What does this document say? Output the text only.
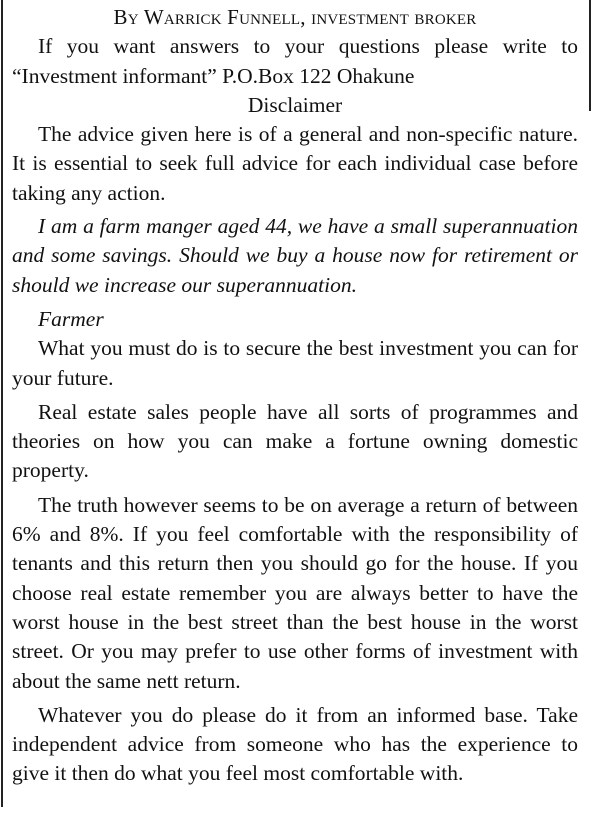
By Warrick Funnell, investment broker

If you want answers to your questions please write to “Investment informant” P.O.Box 122 Ohakune

Disclaimer

The advice given here is of a general and non-specific nature. It is essential to seek full advice for each individual case before taking any action.

I am a farm manger aged 44, we have a small superannuation and some savings. Should we buy a house now for retirement or should we increase our superannuation.

Farmer

What you must do is to secure the best investment you can for your future.

Real estate sales people have all sorts of programmes and theories on how you can make a fortune owning domestic property.

The truth however seems to be on average a return of between 6% and 8%. If you feel comfortable with the responsibility of tenants and this return then you should go for the house. If you choose real estate remember you are always better to have the worst house in the best street than the best house in the worst street. Or you may prefer to use other forms of investment with about the same nett return.

Whatever you do please do it from an informed base. Take independent advice from someone who has the experience to give it then do what you feel most comfortable with.
